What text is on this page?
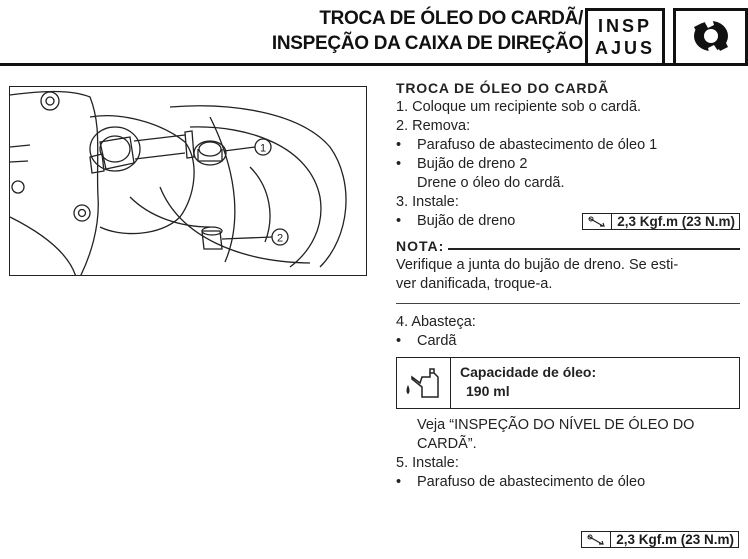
TROCA DE ÓLEO DO CARDÃ/
INSPEÇÃO DA CAIXA DE DIREÇÃO
INSP
AJUS
1
2
TROCA DE ÓLEO DO CARDÃ
1. Coloque um recipiente sob o cardã.
2. Remova:
• Parafuso de abastecimento de óleo 1
• Bujão de dreno 2
Drene o óleo do cardã.
3. Instale:
• Bujão de dreno	2,3 Kgf.m (23 N.m)
NOTA:
Verifique a junta do bujão de dreno. Se esti-
ver danificada, troque-a.
4. Abasteça:
• Cardã
Capacidade de óleo:
190 ml
Veja “INSPEÇÃO DO NÍVEL DE ÓLEO DO
CARDÃ”.
5. Instale:
• Parafuso de abastecimento de óleo
2,3 Kgf.m (23 N.m)
